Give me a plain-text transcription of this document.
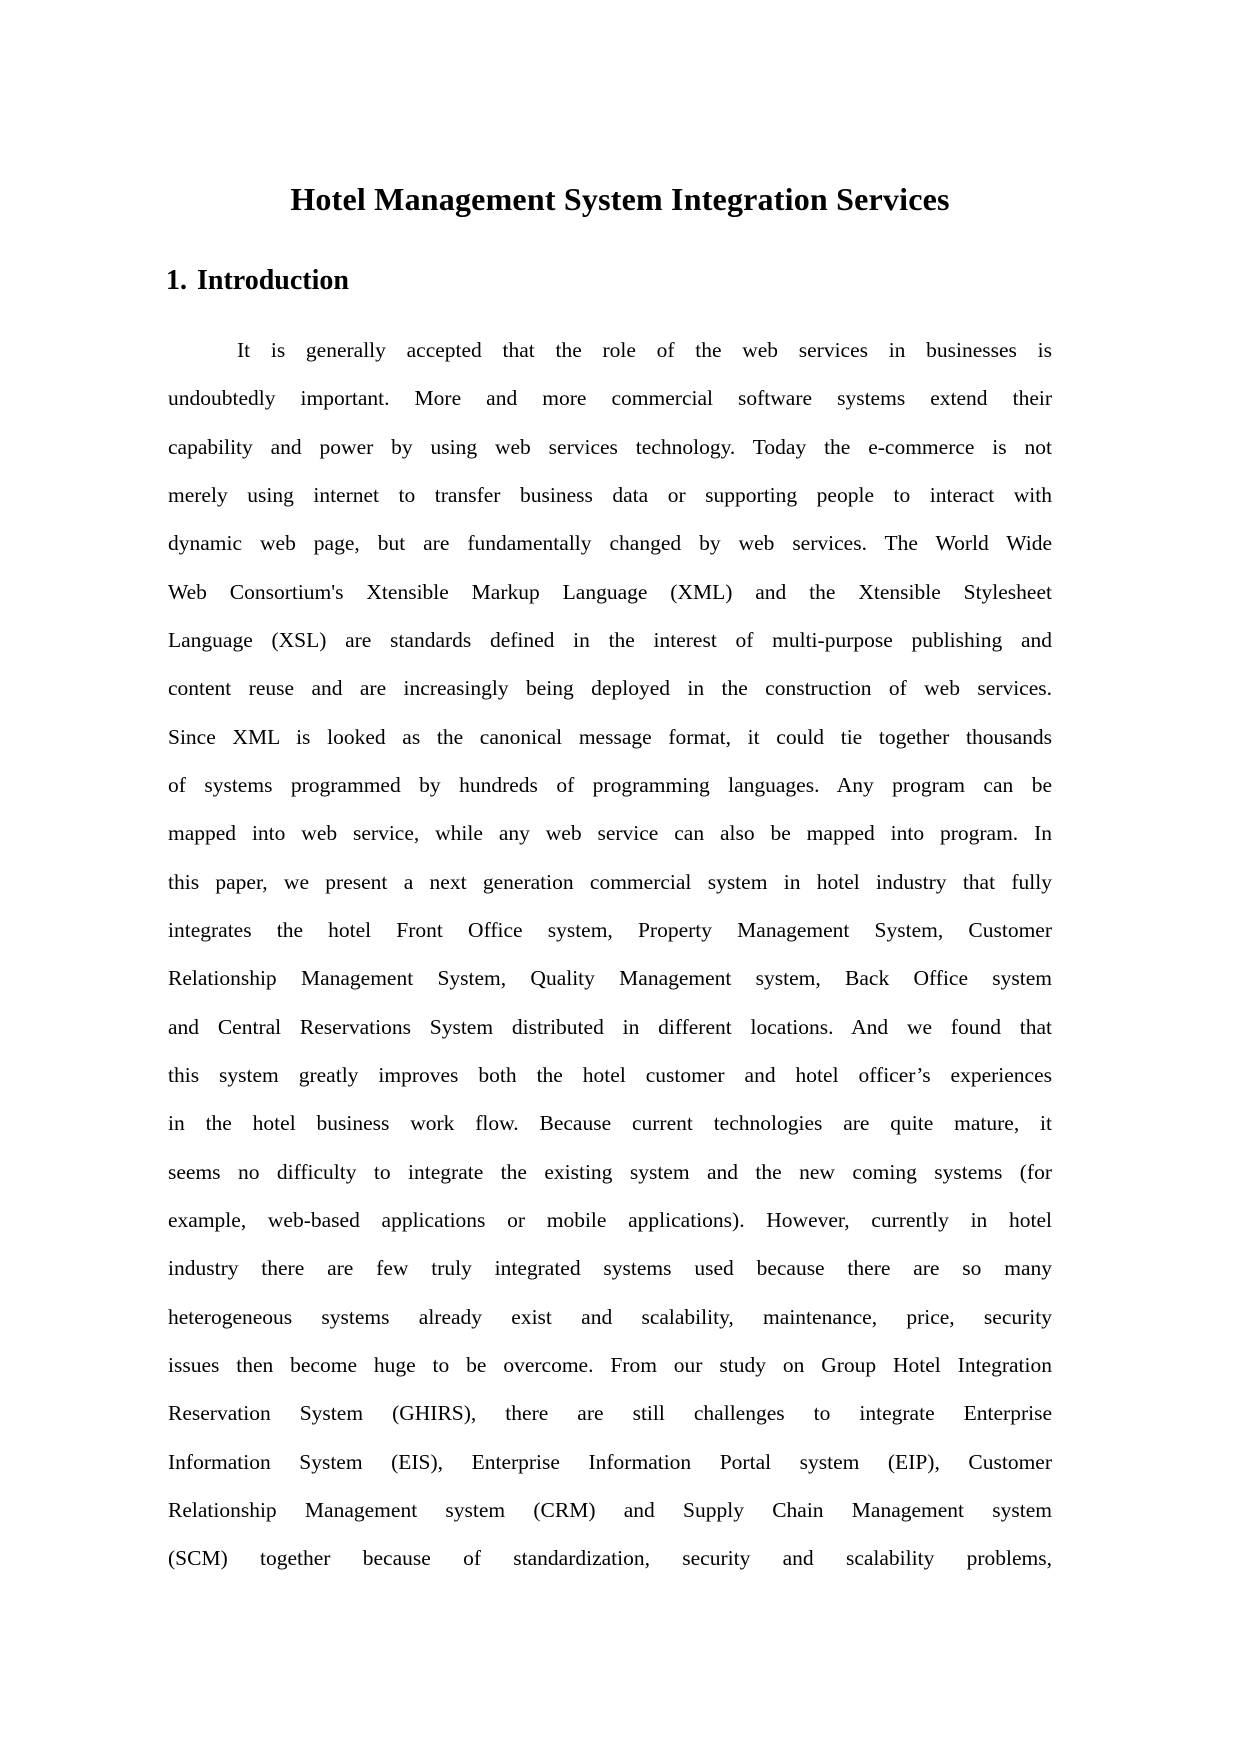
Hotel Management System Integration Services
1. Introduction
It is generally accepted that the role of the web services in businesses is
undoubtedly important. More and more commercial software systems extend their
capability and power by using web services technology. Today the e-commerce is not
merely using internet to transfer business data or supporting people to interact with
dynamic web page, but are fundamentally changed by web services. The World Wide
Web Consortium's Xtensible Markup Language (XML) and the Xtensible Stylesheet
Language (XSL) are standards defined in the interest of multi-purpose publishing and
content reuse and are increasingly being deployed in the construction of web services.
Since XML is looked as the canonical message format, it could tie together thousands
of systems programmed by hundreds of programming languages. Any program can be
mapped into web service, while any web service can also be mapped into program. In
this paper, we present a next generation commercial system in hotel industry that fully
integrates the hotel Front Office system, Property Management System, Customer
Relationship Management System, Quality Management system, Back Office system
and Central Reservations System distributed in different locations. And we found that
this system greatly improves both the hotel customer and hotel officer’s experiences
in the hotel business work flow. Because current technologies are quite mature, it
seems no difficulty to integrate the existing system and the new coming systems (for
example, web-based applications or mobile applications). However, currently in hotel
industry there are few truly integrated systems used because there are so many
heterogeneous systems already exist and scalability, maintenance, price, security
issues then become huge to be overcome. From our study on Group Hotel Integration
Reservation System (GHIRS), there are still challenges to integrate Enterprise
Information System (EIS), Enterprise Information Portal system (EIP), Customer
Relationship Management system (CRM) and Supply Chain Management system
(SCM) together because of standardization, security and scalability problems,
